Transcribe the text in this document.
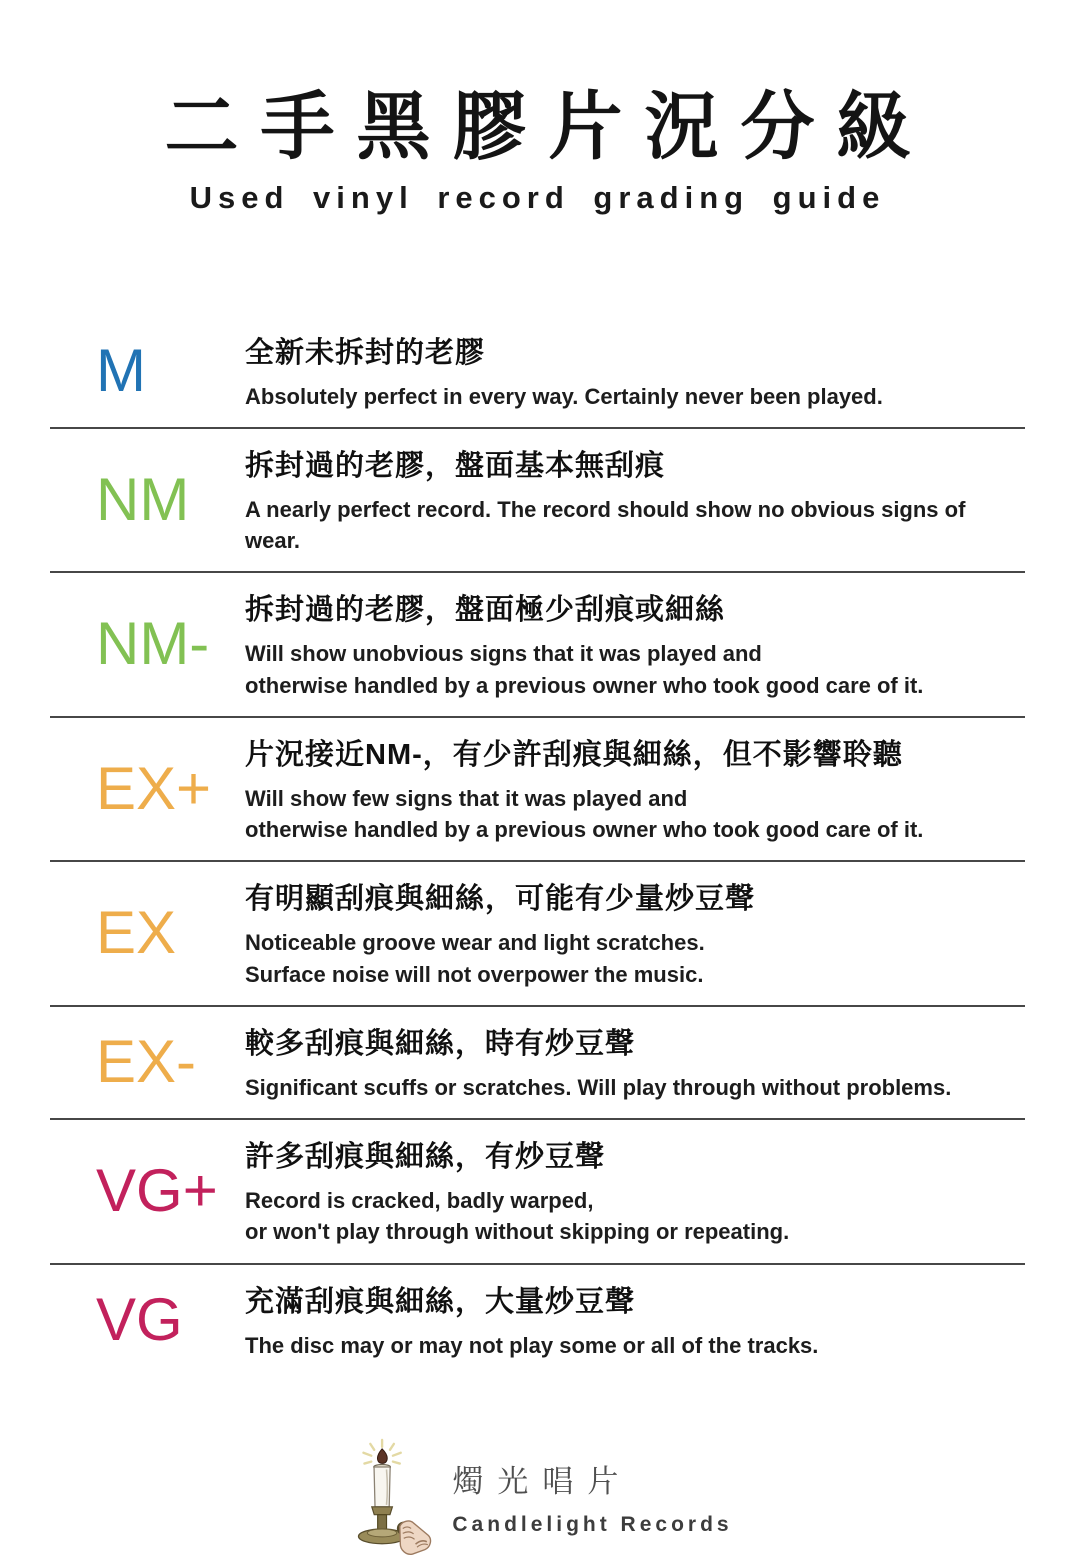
二手黑膠片況分級
Used vinyl record grading guide
M	全新未拆封的老膠

Absolutely perfect in every way. Certainly never been played.

NM	拆封過的老膠，盤面基本無刮痕

A nearly perfect record. The record should show no obvious signs of wear.

NM-	拆封過的老膠，盤面極少刮痕或細絲

Will show unobvious signs that it was played and
otherwise handled by a previous owner who took good care of it.

EX+	片況接近NM-，有少許刮痕與細絲，但不影響聆聽

Will show few signs that it was played and
otherwise handled by a previous owner who took good care of it.

EX	有明顯刮痕與細絲，可能有少量炒豆聲

Noticeable groove wear and light scratches.
Surface noise will not overpower the music.

EX-	較多刮痕與細絲，時有炒豆聲

Significant scuffs or scratches. Will play through without problems.

VG+ 許多刮痕與細絲，有炒豆聲

Record is cracked, badly warped,
or won't play through without skipping or repeating.

VG	充滿刮痕與細絲，大量炒豆聲

The disc may or may not play some or all of the tracks.

燭光唱片
Candlelight Records
